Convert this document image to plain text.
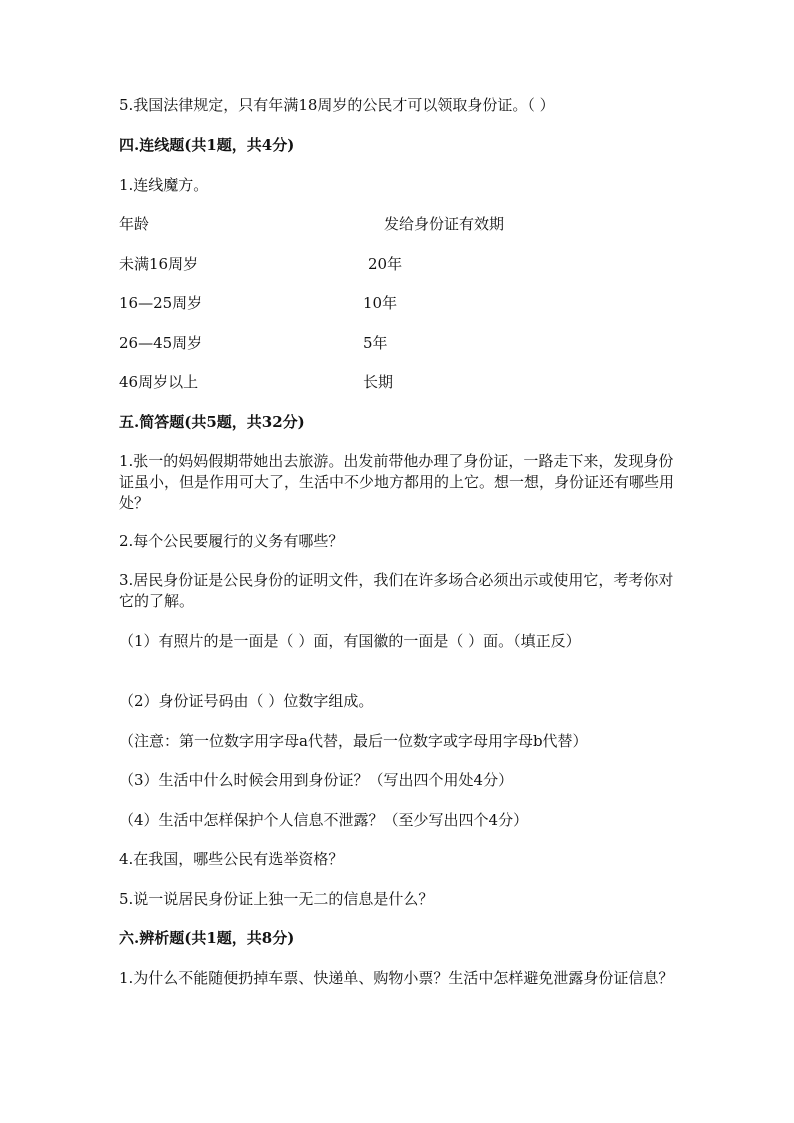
5.我国法律规定，只有年满18周岁的公民才可以领取身份证。（ ）
四.连线题(共1题，共4分)
1.连线魔方。
年龄	发给身份证有效期
未满16周岁	20年
16—25周岁	10年
26—45周岁	5年
46周岁以上	长期
五.简答题(共5题，共32分)
1.张一的妈妈假期带她出去旅游。出发前带他办理了身份证，一路走下来，发现身份证虽小，但是作用可大了，生活中不少地方都用的上它。想一想，身份证还有哪些用处？
2.每个公民要履行的义务有哪些？
3.居民身份证是公民身份的证明文件，我们在许多场合必须出示或使用它，考考你对它的了解。
（1）有照片的是一面是（ ）面，有国徽的一面是（ ）面。（填正反）
（2）身份证号码由（ ）位数字组成。
（注意：第一位数字用字母a代替，最后一位数字或字母用字母b代替）
（3）生活中什么时候会用到身份证？（写出四个用处4分）
（4）生活中怎样保护个人信息不泄露？（至少写出四个4分）
4.在我国，哪些公民有选举资格？
5.说一说居民身份证上独一无二的信息是什么？
六.辨析题(共1题，共8分)
1.为什么不能随便扔掉车票、快递单、购物小票？生活中怎样避免泄露身份证信息？
